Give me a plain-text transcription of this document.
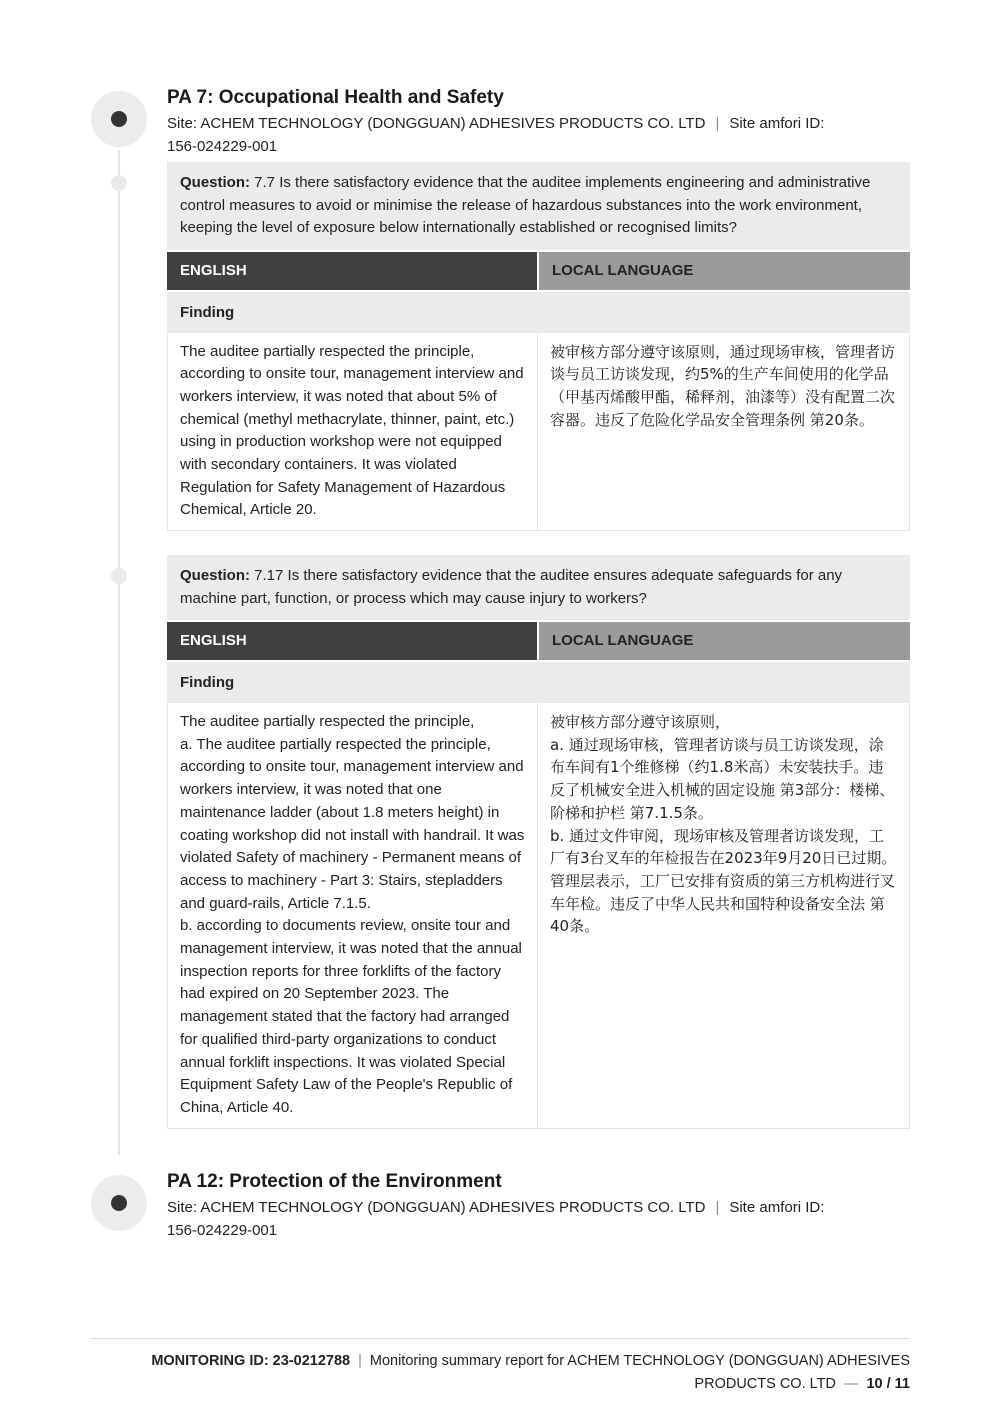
PA 7: Occupational Health and Safety
Site: ACHEM TECHNOLOGY (DONGGUAN) ADHESIVES PRODUCTS CO. LTD | Site amfori ID:
156-024229-001
Question: 7.7 Is there satisfactory evidence that the auditee implements engineering and administrative control measures to avoid or minimise the release of hazardous substances into the work environment, keeping the level of exposure below internationally established or recognised limits?
ENGLISH	LOCAL LANGUAGE
Finding
The auditee partially respected the principle, according to onsite tour, management interview and workers interview, it was noted that about 5% of chemical (methyl methacrylate, thinner, paint, etc.) using in production workshop were not equipped with secondary containers. It was violated Regulation for Safety Management of Hazardous Chemical, Article 20.
被审核方部分遵守该原则，通过现场审核，管理者访谈与员工访谈发现，约5%的生产车间使用的化学品（甲基丙烯酸甲酯，稀释剂，油漆等）没有配置二次容器。违反了危险化学品安全管理条例 第20条。
Question: 7.17 Is there satisfactory evidence that the auditee ensures adequate safeguards for any machine part, function, or process which may cause injury to workers?
ENGLISH	LOCAL LANGUAGE
Finding
The auditee partially respected the principle,
a. The auditee partially respected the principle, according to onsite tour, management interview and workers interview, it was noted that one maintenance ladder (about 1.8 meters height) in coating workshop did not install with handrail. It was violated Safety of machinery - Permanent means of access to machinery - Part 3: Stairs, stepladders and guard-rails, Article 7.1.5.
b. according to documents review, onsite tour and management interview, it was noted that the annual inspection reports for three forklifts of the factory had expired on 20 September 2023. The management stated that the factory had arranged for qualified third-party organizations to conduct annual forklift inspections. It was violated Special Equipment Safety Law of the People's Republic of China, Article 40.
被审核方部分遵守该原则，
a. 通过现场审核，管理者访谈与员工访谈发现，涂布车间有1个维修梯（约1.8米高）未安装扶手。违反了机械安全进入机械的固定设施 第3部分：楼梯、阶梯和护栏 第7.1.5条。
b. 通过文件审阅，现场审核及管理者访谈发现，工厂有3台叉车的年检报告在2023年9月20日已过期。管理层表示，工厂已安排有资质的第三方机构进行叉车年检。违反了中华人民共和国特种设备安全法 第40条。
PA 12: Protection of the Environment
Site: ACHEM TECHNOLOGY (DONGGUAN) ADHESIVES PRODUCTS CO. LTD | Site amfori ID:
156-024229-001
MONITORING ID: 23-0212788 | Monitoring summary report for ACHEM TECHNOLOGY (DONGGUAN) ADHESIVES PRODUCTS CO. LTD — 10 / 11
